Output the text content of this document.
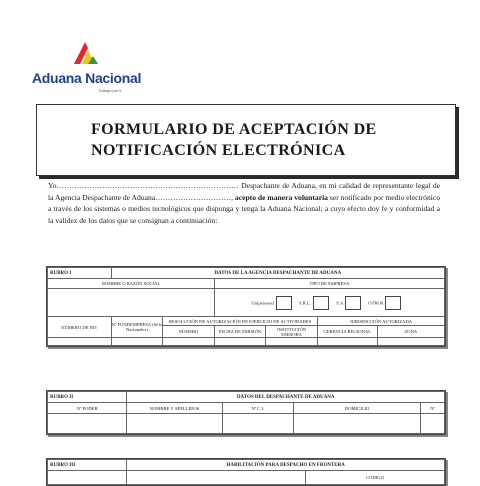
Aduana Nacional
Trabajo por ti
FORMULARIO DE ACEPTACIÓN DE
NOTIFICACIÓN ELECTRÓNICA
Yo……………………………………………………………… Despachante de Aduana, en mi calidad de representante legal de la Agencia Despachante de Aduana…………………………, acepto de manera voluntaria ser notificado por medio electrónico a través de los sistemas o medios tecnológicos que disponga y tenga la Aduana Nacional; a cuyo efecto doy fe y conformidad a la validez de los datos que se consignan a continuación:
RUBRO I	DATOS DE LA AGENCIA DESPACHANTE DE ADUANA					
NOMBRE O RAZÓN SOCIAL			TIPO DE EMPRESA			
			Unipersonal S.R.L. S.A OTROS			
NÚMERO DE NIT	Nº FUNDEMPRESA (Sólo Nacionales)	RESOLUCIÓN DE AUTORIZACIÓN DE EJERCICIO DE ACTIVIDADES			JURISDICCIÓN AUTORIZADA	
		NÚMERO	FECHA DE EMISIÓN	INSTITUCIÓN EMISORA	GERENCIA REGIONAL	ZONA

RUBRO II	DATOS DEL DESPACHANTE DE ADUANA			
Nº PODER	NOMBRE Y APELLIDOS	Nº C.I.	DOMICILIO	Nº

RUBRO III	HABILITACIÓN PARA DESPACHO EN FRONTERA	
		CODIGO
